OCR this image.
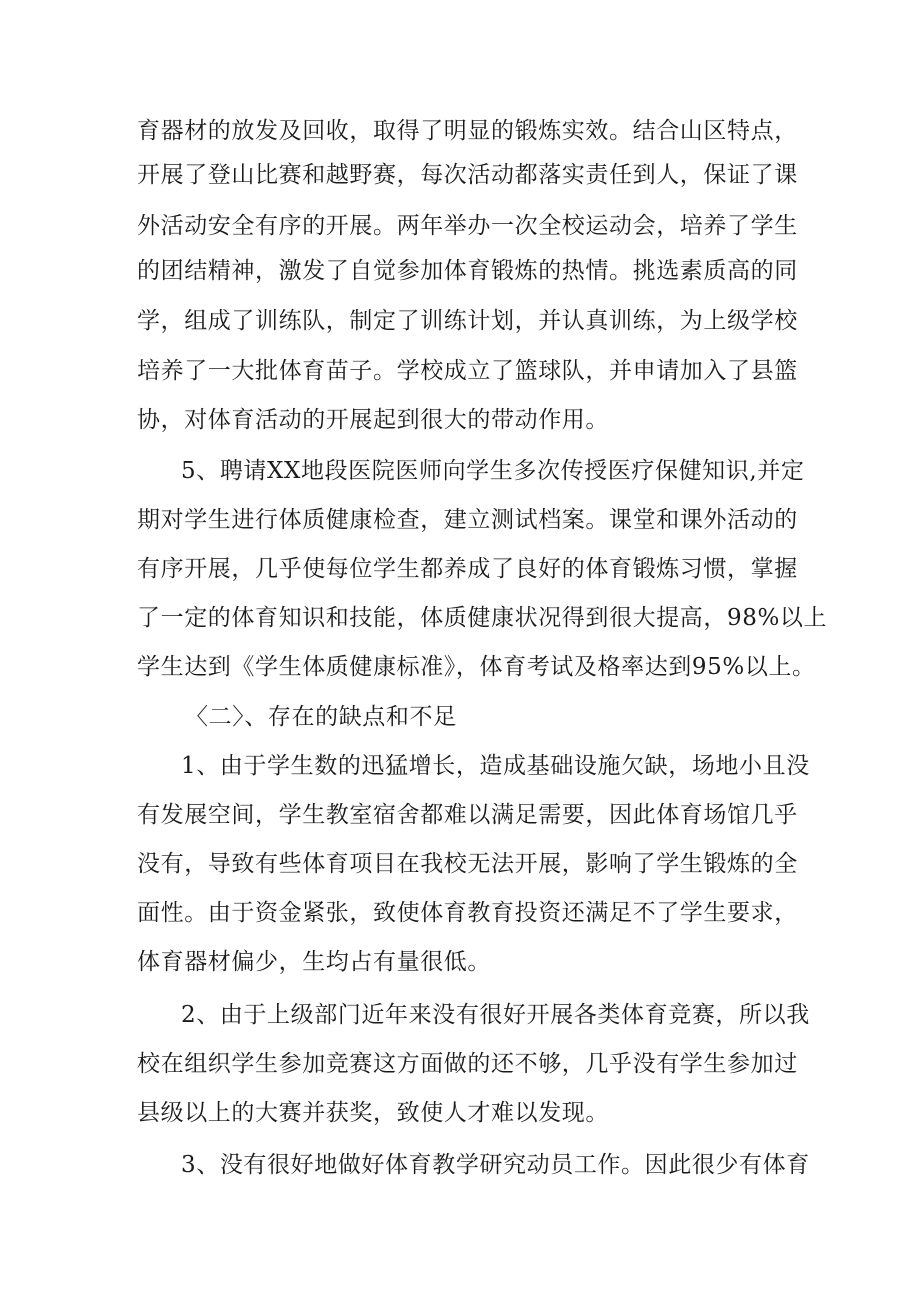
育器材的放发及回收，取得了明显的锻炼实效。结合山区特点，
开展了登山比赛和越野赛，每次活动都落实责任到人，保证了课
外活动安全有序的开展。两年举办一次全校运动会，培养了学生
的团结精神，激发了自觉参加体育锻炼的热情。挑选素质高的同
学，组成了训练队，制定了训练计划，并认真训练，为上级学校
培养了一大批体育苗子。学校成立了篮球队，并申请加入了县篮
协，对体育活动的开展起到很大的带动作用。
5、聘请XX地段医院医师向学生多次传授医疗保健知识,并定
期对学生进行体质健康检查，建立测试档案。课堂和课外活动的
有序开展，几乎使每位学生都养成了良好的体育锻炼习惯，掌握
了一定的体育知识和技能，体质健康状况得到很大提高，98%以上
学生达到《学生体质健康标准》，体育考试及格率达到95%以上。
〈二〉、存在的缺点和不足
1、由于学生数的迅猛增长，造成基础设施欠缺，场地小且没
有发展空间，学生教室宿舍都难以满足需要，因此体育场馆几乎
没有，导致有些体育项目在我校无法开展，影响了学生锻炼的全
面性。由于资金紧张，致使体育教育投资还满足不了学生要求，
体育器材偏少，生均占有量很低。
2、由于上级部门近年来没有很好开展各类体育竞赛，所以我
校在组织学生参加竞赛这方面做的还不够，几乎没有学生参加过
县级以上的大赛并获奖，致使人才难以发现。
3、没有很好地做好体育教学研究动员工作。因此很少有体育
